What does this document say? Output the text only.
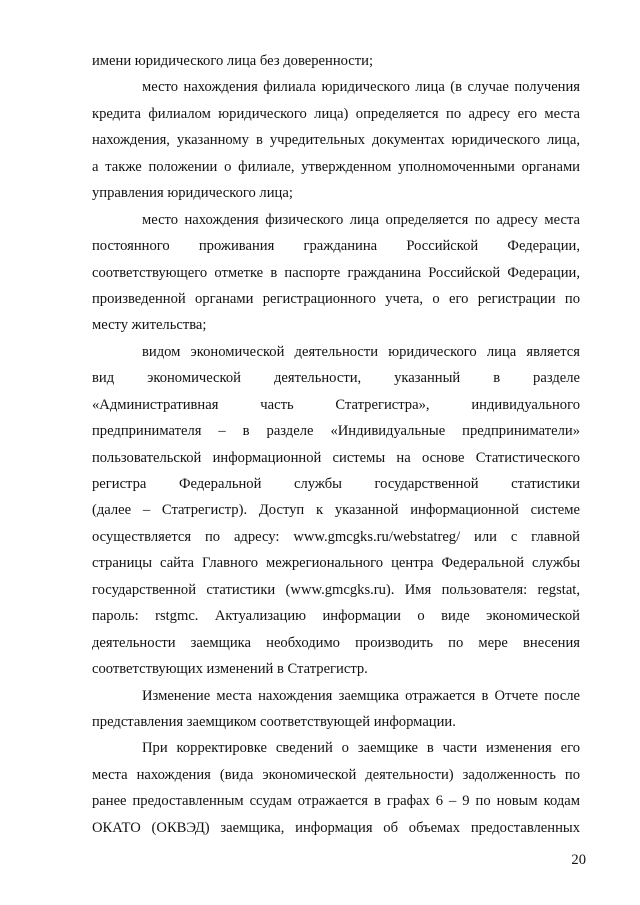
имени юридического лица без доверенности;
место нахождения филиала юридического лица (в случае получения
кредита филиалом юридического лица) определяется по адресу его места
нахождения, указанному в учредительных документах юридического лица,
а также положении о филиале, утвержденном уполномоченными органами
управления юридического лица;
место нахождения физического лица определяется по адресу места
постоянного проживания гражданина Российской Федерации,
соответствующего отметке в паспорте гражданина Российской Федерации,
произведенной органами регистрационного учета, о его регистрации по
месту жительства;
видом экономической деятельности юридического лица является
вид экономической деятельности, указанный в разделе
«Административная часть Статрегистра», индивидуального
предпринимателя – в разделе «Индивидуальные предприниматели»
пользовательской информационной системы на основе Статистического
регистра Федеральной службы государственной статистики
(далее – Статрегистр). Доступ к указанной информационной системе
осуществляется по адресу: www.gmcgks.ru/webstatreg/ или с главной
страницы сайта Главного межрегионального центра Федеральной службы
государственной статистики (www.gmcgks.ru). Имя пользователя: regstat,
пароль: rstgmc. Актуализацию информации о виде экономической
деятельности заемщика необходимо производить по мере внесения
соответствующих изменений в Статрегистр.
Изменение места нахождения заемщика отражается в Отчете после
представления заемщиком соответствующей информации.
При корректировке сведений о заемщике в части изменения его
места нахождения (вида экономической деятельности) задолженность по
ранее предоставленным ссудам отражается в графах 6 – 9 по новым кодам
ОКАТО (ОКВЭД) заемщика, информация об объемах предоставленных
20
